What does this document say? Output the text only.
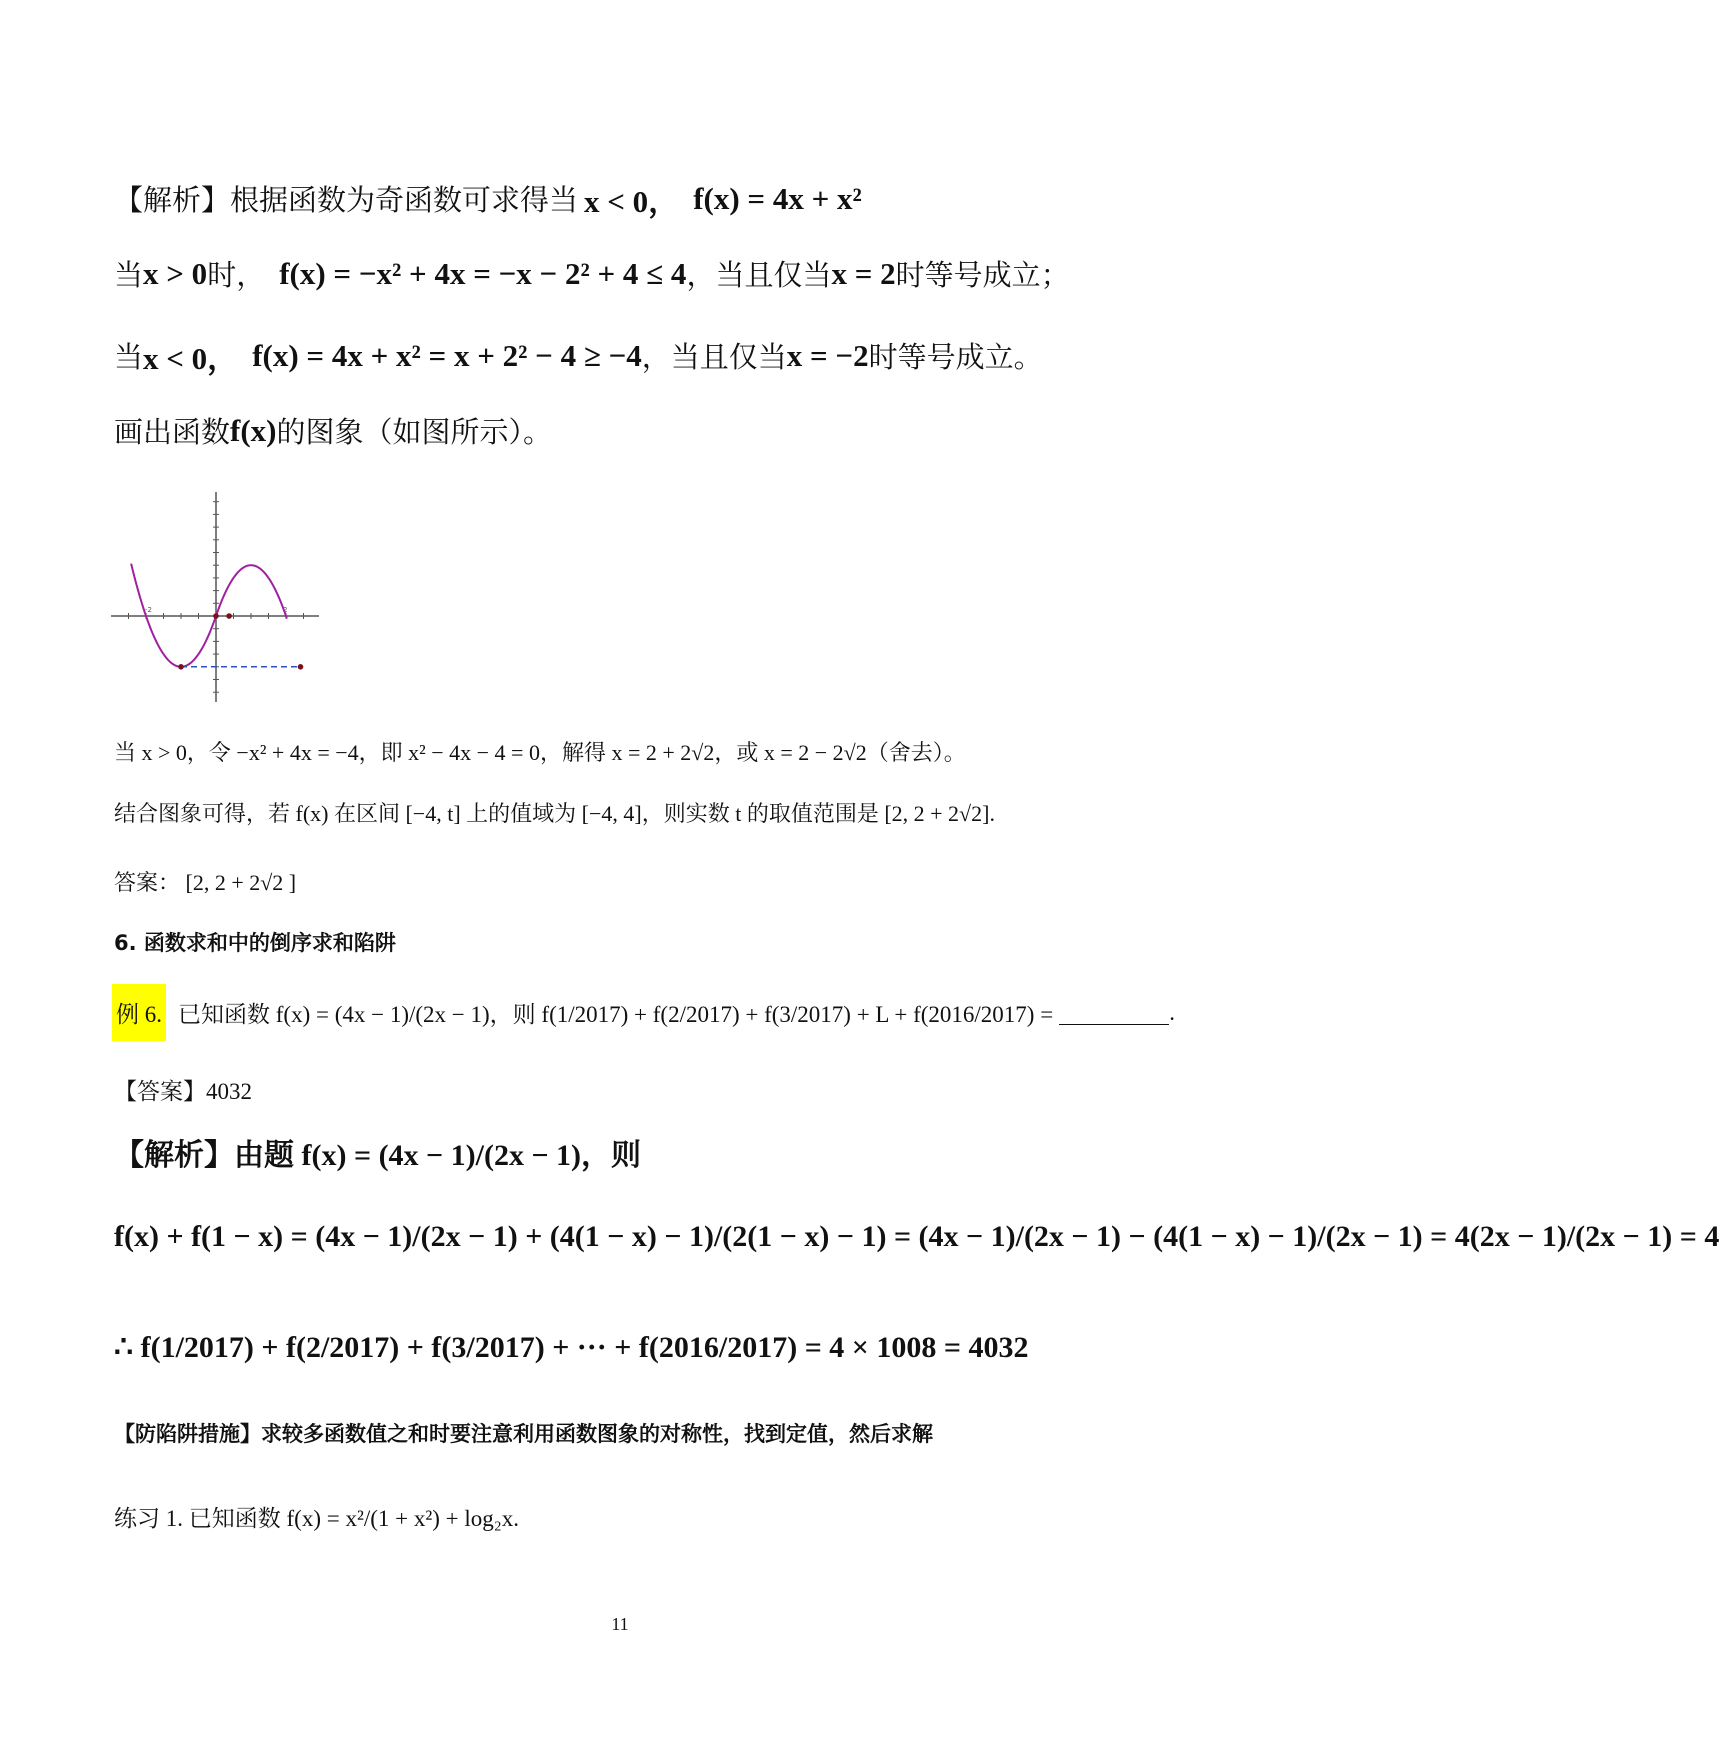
【解析】根据函数为奇函数可求得当 x < 0， f(x) = 4x + x²
当 x > 0 时， f(x) = −x² + 4x = −x − 2² + 4 ≤ 4 ，当且仅当 x = 2 时等号成立；
当 x < 0， f(x) = 4x + x² = x + 2² − 4 ≥ −4 ，当且仅当 x = −2 时等号成立。
画出函数 f(x) 的图象（如图所示）。
-2	2
当 x > 0，令 −x² + 4x = −4，即 x² − 4x − 4 = 0，解得 x = 2 + 2√2，或 x = 2 − 2√2（舍去）。
结合图象可得，若 f(x) 在区间 [−4, t] 上的值域为 [−4, 4]，则实数 t 的取值范围是 [2, 2 + 2√2].
答案： [2, 2 + 2√2 ]
6. 函数求和中的倒序求和陷阱
例 6. 已知函数 f(x) = (4x − 1)/(2x − 1)，则 f(1/2017) + f(2/2017) + f(3/2017) + L + f(2016/2017) =	.
【答案】4032
【解析】由题 f(x) = (4x − 1)/(2x − 1)，则
f(x) + f(1 − x) = (4x − 1)/(2x − 1) + (4(1 − x) − 1)/(2(1 − x) − 1) = (4x − 1)/(2x − 1) − (4(1 − x) − 1)/(2x − 1) = 4(2x − 1)/(2x − 1) = 4
∴ f(1/2017) + f(2/2017) + f(3/2017) + ··· + f(2016/2017) = 4 × 1008 = 4032
【防陷阱措施】求较多函数值之和时要注意利用函数图象的对称性，找到定值，然后求解
练习 1. 已知函数 f(x) = x²/(1 + x²) + log₂x.
11
